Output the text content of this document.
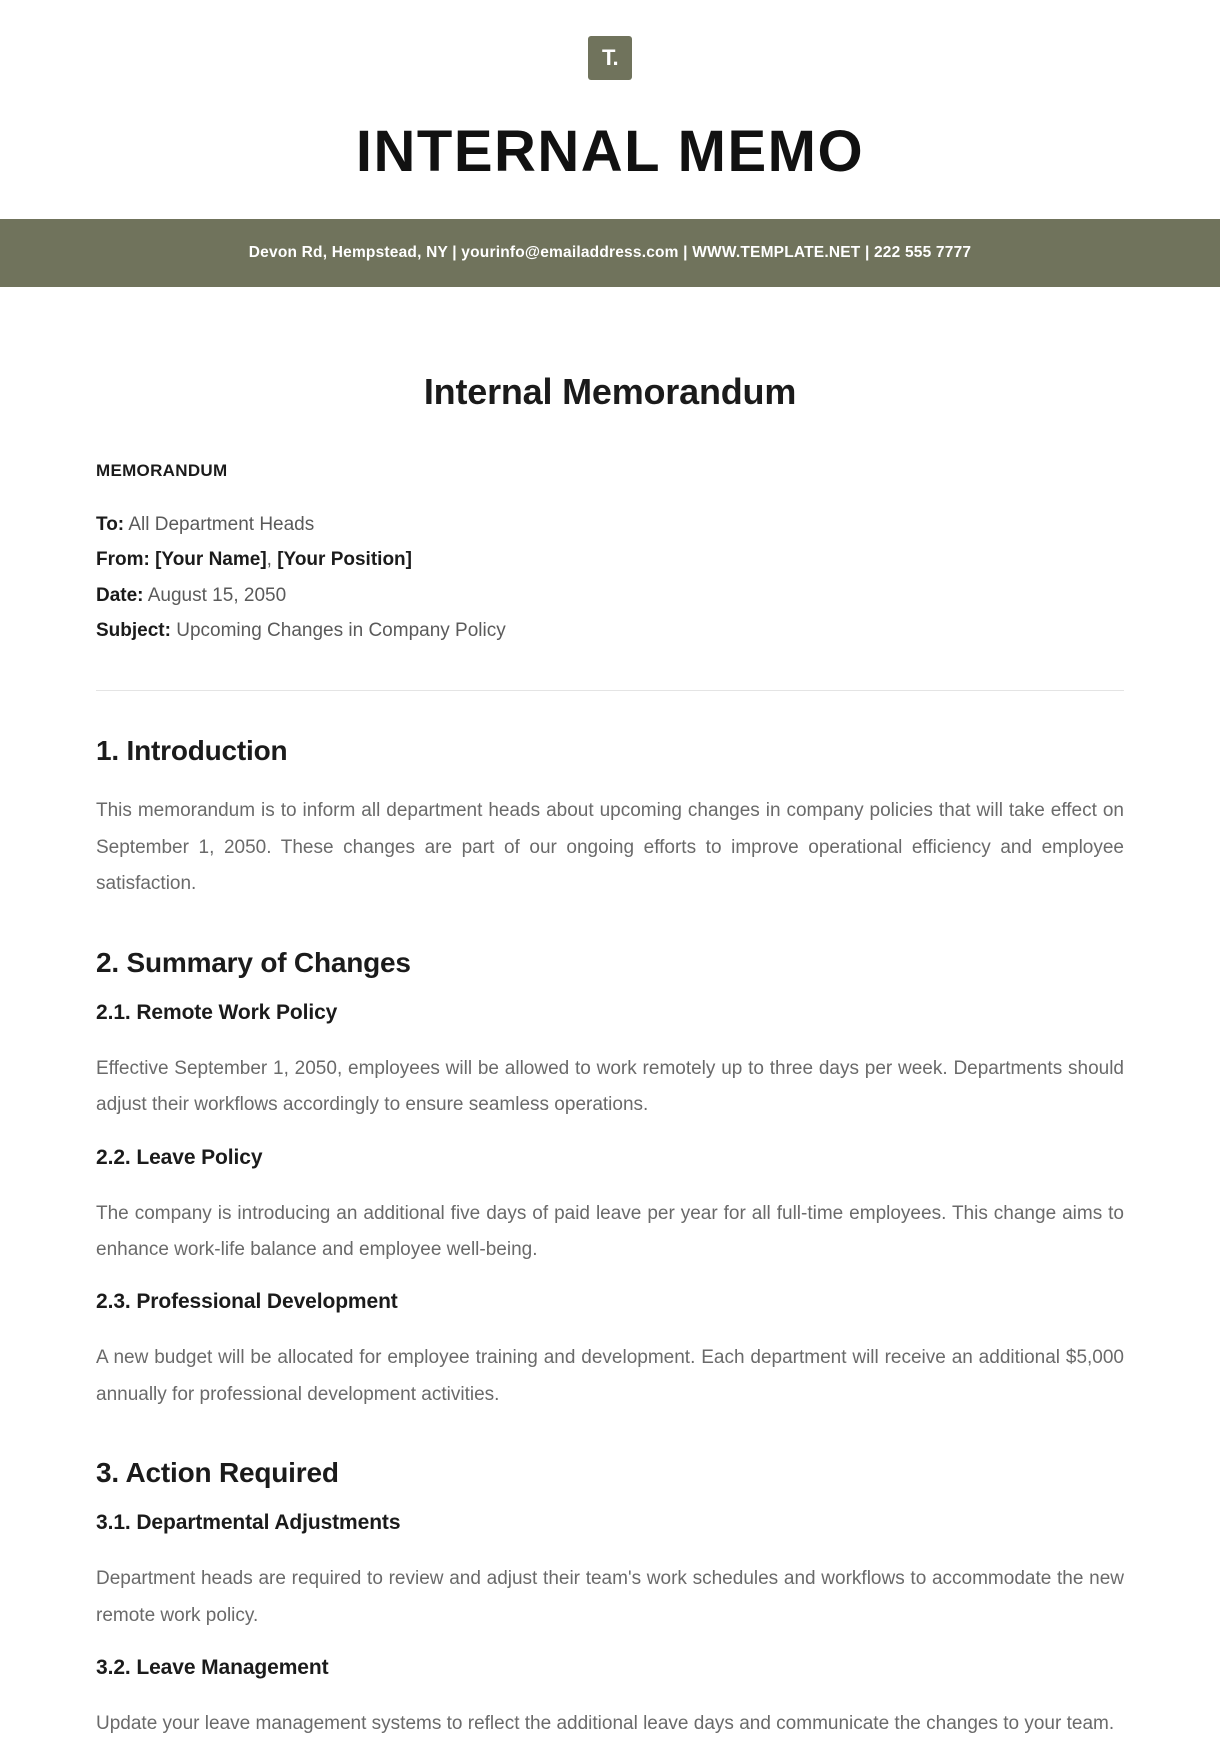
T.
INTERNAL MEMO
Devon Rd, Hempstead, NY | yourinfo@emailaddress.com | WWW.TEMPLATE.NET | 222 555 7777
Internal Memorandum
MEMORANDUM
To: All Department Heads
From: [Your Name], [Your Position]
Date: August 15, 2050
Subject: Upcoming Changes in Company Policy
1. Introduction

This memorandum is to inform all department heads about upcoming changes in company policies that will take effect on September 1, 2050. These changes are part of our ongoing efforts to improve operational efficiency and employee satisfaction.

2. Summary of Changes
2.1. Remote Work Policy

Effective September 1, 2050, employees will be allowed to work remotely up to three days per week. Departments should adjust their workflows accordingly to ensure seamless operations.

2.2. Leave Policy

The company is introducing an additional five days of paid leave per year for all full-time employees. This change aims to enhance work-life balance and employee well-being.

2.3. Professional Development

A new budget will be allocated for employee training and development. Each department will receive an additional $5,000 annually for professional development activities.

3. Action Required
3.1. Departmental Adjustments

Department heads are required to review and adjust their team's work schedules and workflows to accommodate the new remote work policy.

3.2. Leave Management

Update your leave management systems to reflect the additional leave days and communicate the changes to your team.
